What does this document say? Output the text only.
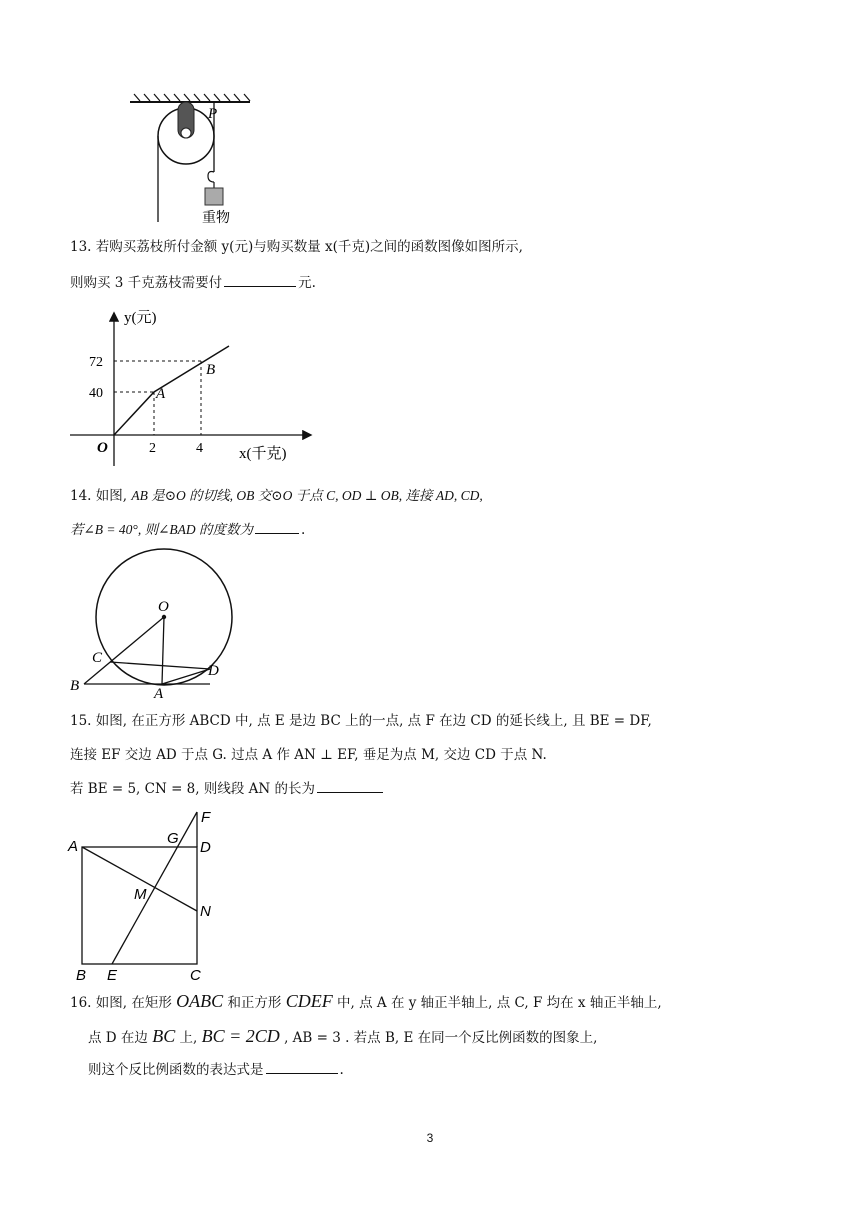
P
重物
13. 若购买荔枝所付金额 y(元)与购买数量 x(千克)之间的函数图像如图所示,
则购买 3 千克荔枝需要付	元.
y(元)
x(千克)
72
40
2	4
O
A
B
14. 如图, AB 是⊙O 的切线, OB 交⊙O 于点 C, OD ⊥ OB, 连接 AD, CD,
若∠B = 40°, 则∠BAD 的度数为	.
O
C
D
B	A
15. 如图, 在正方形 ABCD 中, 点 E 是边 BC 上的一点, 点 F 在边 CD 的延长线上, 且 BE = DF,
连接 EF 交边 AD 于点 G. 过点 A 作 AN ⊥ EF, 垂足为点 M, 交边 CD 于点 N.
若 BE = 5, CN = 8, 则线段 AN 的长为
A
B	C
D
E
F
G
M
N
16. 如图, 在矩形 OABC 和正方形 CDEF 中, 点 A 在 y 轴正半轴上, 点 C, F 均在 x 轴正半轴上,
点 D 在边 BC 上, BC = 2CD , AB = 3 . 若点 B, E 在同一个反比例函数的图象上,
则这个反比例函数的表达式是	.
3
